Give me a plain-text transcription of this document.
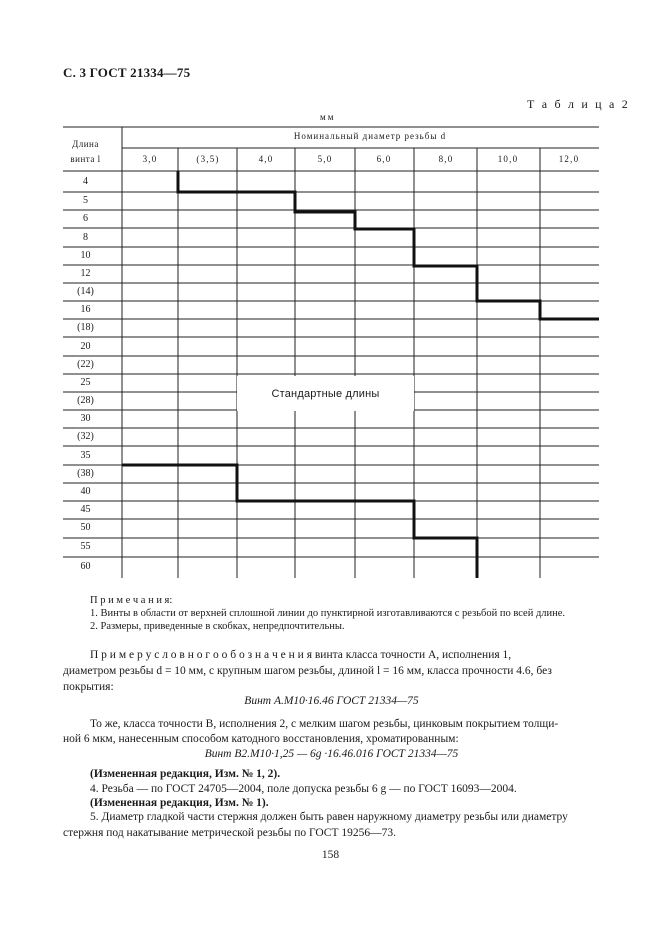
С. 3 ГОСТ 21334—75
Т а б л и ц а 2
мм
Длина
винта l
Номинальный диаметр резьбы d
3,0	(3,5)	4,0	5,0	6,0	8,0	10,0	12,0
4
5
6
8
10
12
(14)
16
(18)
20
(22)
25
(28)
30
(32)
35
(38)
40
45
50
55
60
Стандартные длины
П р и м е ч а н и я:
1. Винты в области от верхней сплошной линии до пунктирной изготавливаются с резьбой по всей длине.
2. Размеры, приведенные в скобках, непредпочтительны.
П р и м е р у с л о в н о г о о б о з н а ч е н и я винта класса точности А, исполнения 1,
диаметром резьбы d = 10 мм, с крупным шагом резьбы, длиной l = 16 мм, класса прочности 4.6, без
покрытия:
Винт А.М10·16.46 ГОСТ 21334—75
То же, класса точности В, исполнения 2, с мелким шагом резьбы, цинковым покрытием толщи-
ной 6 мкм, нанесенным способом катодного восстановления, хроматированным:
Винт В2.М10·1,25 — 6g ·16.46.016 ГОСТ 21334—75
(Измененная редакция, Изм. № 1, 2).
4. Резьба — по ГОСТ 24705—2004, поле допуска резьбы 6 g — по ГОСТ 16093—2004.
(Измененная редакция, Изм. № 1).
5. Диаметр гладкой части стержня должен быть равен наружному диаметру резьбы или диаметру
стержня под накатывание метрической резьбы по ГОСТ 19256—73.
158
